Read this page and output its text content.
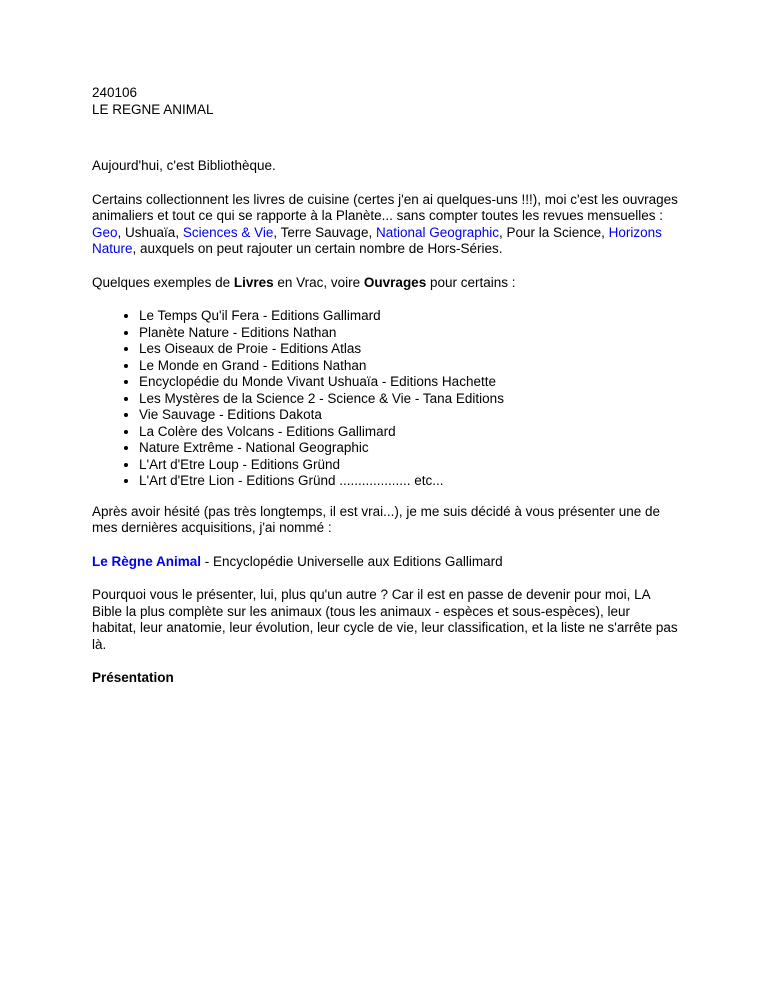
240106
LE REGNE ANIMAL

Aujourd'hui, c'est Bibliothèque.

Certains collectionnent les livres de cuisine (certes j'en ai quelques-uns !!!), moi c'est les ouvrages animaliers et tout ce qui se rapporte à la Planète... sans compter toutes les revues mensuelles : Geo, Ushuaïa, Sciences & Vie, Terre Sauvage, National Geographic, Pour la Science, Horizons Nature, auxquels on peut rajouter un certain nombre de Hors-Séries.

Quelques exemples de Livres en Vrac, voire Ouvrages pour certains :

• Le Temps Qu'il Fera - Editions Gallimard
• Planète Nature - Editions Nathan
• Les Oiseaux de Proie - Editions Atlas
• Le Monde en Grand - Editions Nathan
• Encyclopédie du Monde Vivant Ushuaïa - Editions Hachette
• Les Mystères de la Science 2 - Science & Vie - Tana Editions
• Vie Sauvage - Editions Dakota
• La Colère des Volcans - Editions Gallimard
• Nature Extrême - National Geographic
• L'Art d'Etre Loup - Editions Gründ
• L'Art d'Etre Lion - Editions Gründ ................... etc...

Après avoir hésité (pas très longtemps, il est vrai...), je me suis décidé à vous présenter une de mes dernières acquisitions, j'ai nommé :

Le Règne Animal - Encyclopédie Universelle aux Editions Gallimard

Pourquoi vous le présenter, lui, plus qu'un autre ? Car il est en passe de devenir pour moi, LA Bible la plus complète sur les animaux (tous les animaux - espèces et sous-espèces), leur habitat, leur anatomie, leur évolution, leur cycle de vie, leur classification, et la liste ne s'arrête pas là.

Présentation
